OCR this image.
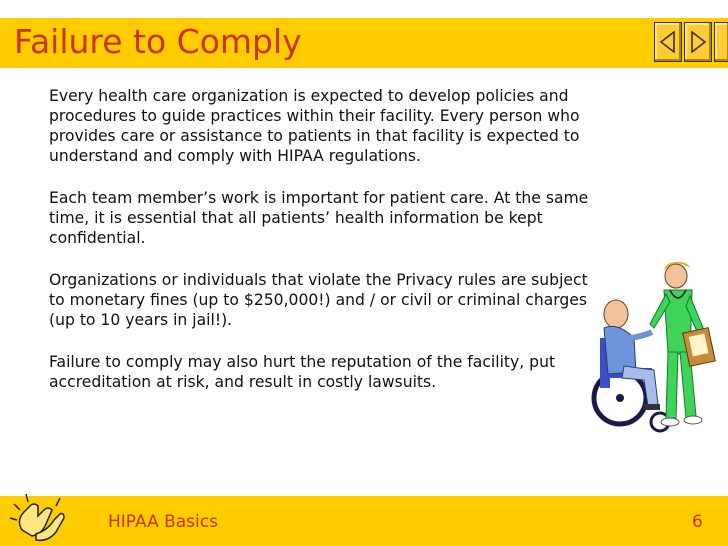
Failure to Comply

Every health care organization is expected to develop policies and procedures to guide practices within their facility. Every person who provides care or assistance to patients in that facility is expected to understand and comply with HIPAA regulations.

Each team member’s work is important for patient care. At the same time, it is essential that all patients’ health information be kept confidential.

Organizations or individuals that violate the Privacy rules are subject to monetary fines (up to $250,000!) and / or civil or criminal charges (up to 10 years in jail!).

Failure to comply may also hurt the reputation of the facility, put accreditation at risk, and result in costly lawsuits.

HIPAA Basics	6
